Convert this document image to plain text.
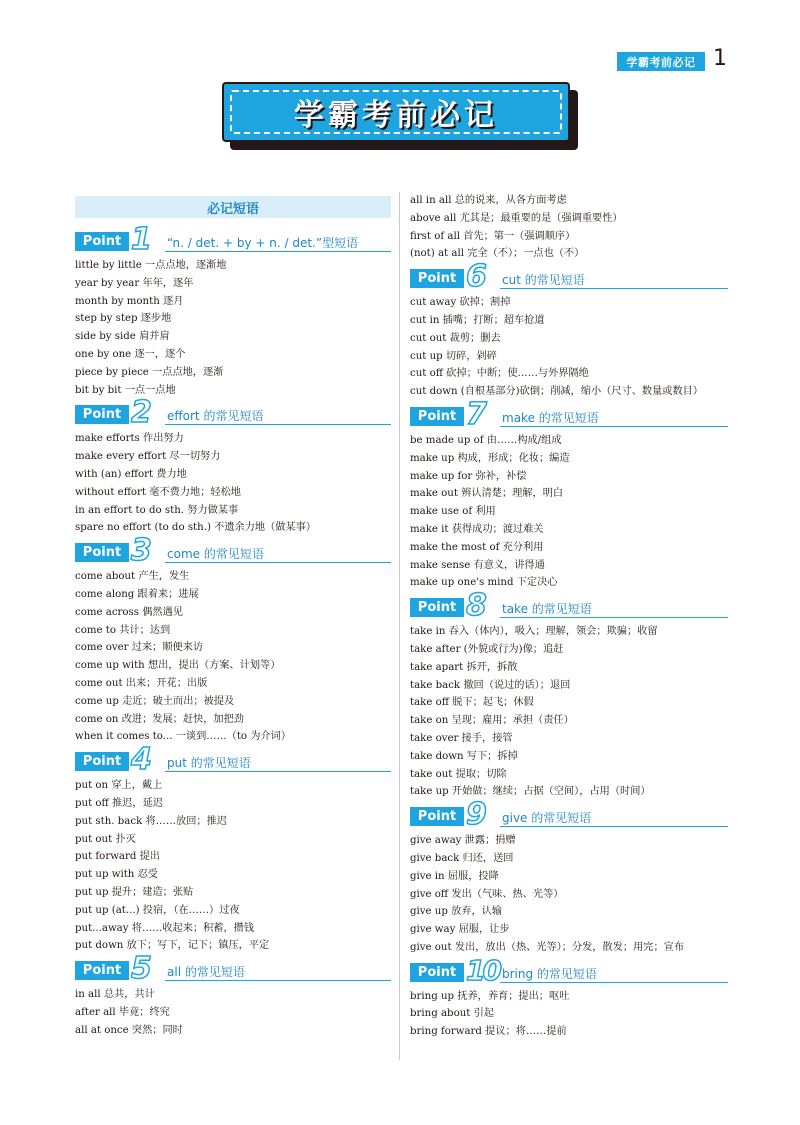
学霸考前必记 1
学霸考前必记
必记短语
Point 1 “n. / det. + by + n. / det.”型短语
little by little 一点点地，逐渐地
year by year 年年，逐年
month by month 逐月
step by step 逐步地
side by side 肩并肩
one by one 逐一，逐个
piece by piece 一点点地，逐渐
bit by bit 一点一点地
Point 2 effort 的常见短语
make efforts 作出努力
make every effort 尽一切努力
with (an) effort 费力地
without effort 毫不费力地；轻松地
in an effort to do sth. 努力做某事
spare no effort (to do sth.) 不遗余力地（做某事）
Point 3 come 的常见短语
come about 产生，发生
come along 跟着来；进展
come across 偶然遇见
come to 共计；达到
come over 过来；顺便来访
come up with 想出，提出（方案、计划等）
come out 出来；开花；出版
come up 走近；破土而出；被提及
come on 改进；发展；赶快，加把劲
when it comes to... 一谈到……（to 为介词）
Point 4 put 的常见短语
put on 穿上，戴上
put off 推迟，延迟
put sth. back 将……放回；推迟
put out 扑灭
put forward 提出
put up with 忍受
put up 提升；建造；张贴
put up (at...) 投宿，（在……）过夜
put...away 将……收起来；积蓄，攒钱
put down 放下；写下，记下；镇压，平定
Point 5 all 的常见短语
in all 总共，共计
after all 毕竟；终究
all at once 突然；同时
all in all 总的说来，从各方面考虑
above all 尤其是；最重要的是（强调重要性）
first of all 首先；第一（强调顺序）
(not) at all 完全（不）；一点也（不）
Point 6 cut 的常见短语
cut away 砍掉；割掉
cut in 插嘴；打断；超车抢道
cut out 裁剪；删去
cut up 切碎，剁碎
cut off 砍掉；中断；使……与外界隔绝
cut down (自根基部分)砍倒；削减，缩小（尺寸、数量或数目）
Point 7 make 的常见短语
be made up of 由……构成/组成
make up 构成，形成；化妆；编造
make up for 弥补，补偿
make out 辨认清楚；理解，明白
make use of 利用
make it 获得成功；渡过难关
make the most of 充分利用
make sense 有意义，讲得通
make up one's mind 下定决心
Point 8 take 的常见短语
take in 吞入（体内），吸入；理解，领会；欺骗；收留
take after (外貌或行为)像；追赶
take apart 拆开，拆散
take back 撤回（说过的话）；退回
take off 脱下；起飞；休假
take on 呈现；雇用；承担（责任）
take over 接手，接管
take down 写下；拆掉
take out 提取；切除
take up 开始做；继续；占据（空间），占用（时间）
Point 9 give 的常见短语
give away 泄露；捐赠
give back 归还，送回
give in 屈服，投降
give off 发出（气味、热、光等）
give up 放弃，认输
give way 屈服，让步
give out 发出，放出（热、光等）；分发，散发；用完；宣布
Point 10 bring 的常见短语
bring up 抚养，养育；提出；呕吐
bring about 引起
bring forward 提议；将……提前
